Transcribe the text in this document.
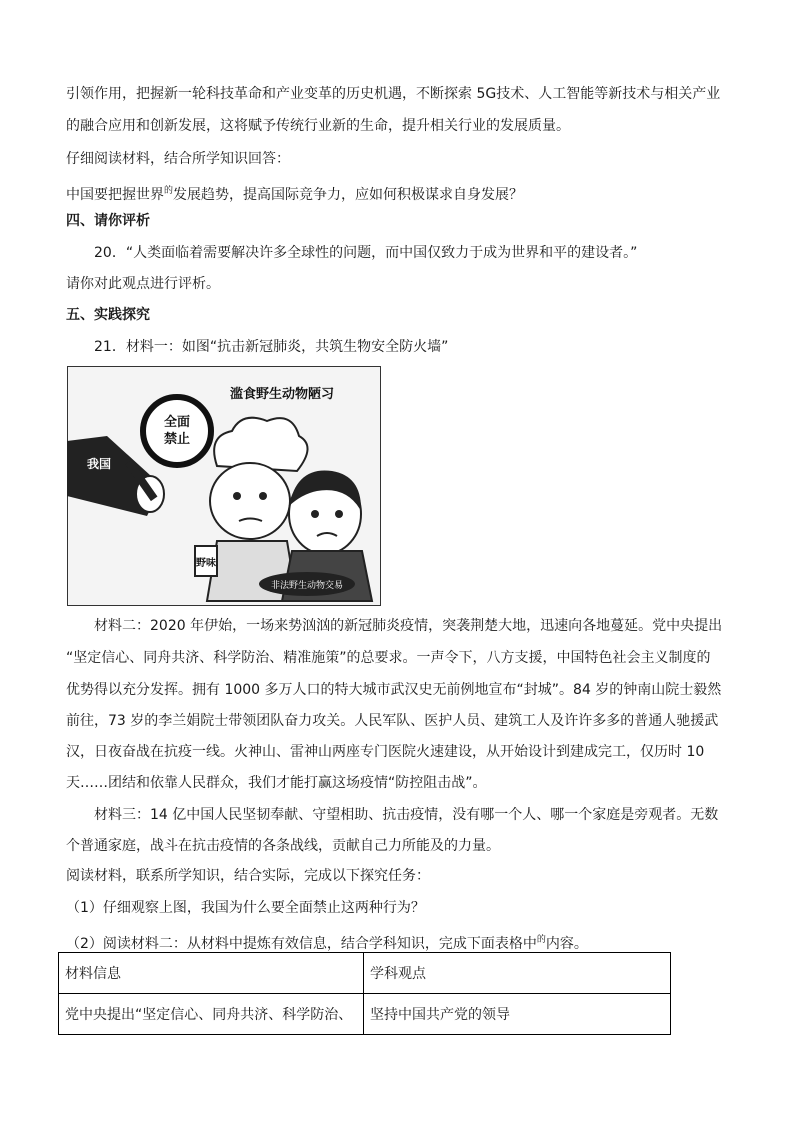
引领作用，把握新一轮科技革命和产业变革的历史机遇，不断探索 5G技术、人工智能等新技术与相关产业
的融合应用和创新发展，这将赋予传统行业新的生命，提升相关行业的发展质量。
仔细阅读材料，结合所学知识回答：
中国要把握世界$^的$发展趋势，提高国际竞争力，应如何积极谋求自身发展？
四、请你评析
20．“人类面临着需要解决许多全球性的问题，而中国仅致力于成为世界和平的建设者。”
请你对此观点进行评析。
五、实践探究
21．材料一：如图“抗击新冠肺炎，共筑生物安全防火墙”
滥食野生动物陋习
我国
全面
禁止
野味
非法野生动物交易
材料二：2020 年伊始，一场来势汹汹的新冠肺炎疫情，突袭荆楚大地，迅速向各地蔓延。党中央提出
“坚定信心、同舟共济、科学防治、精准施策”的总要求。一声令下，八方支援，中国特色社会主义制度的
优势得以充分发挥。拥有 1000 多万人口的特大城市武汉史无前例地宣布“封城”。84 岁的钟南山院士毅然
前往，73 岁的李兰娟院士带领团队奋力攻关。人民军队、医护人员、建筑工人及许许多多的普通人驰援武
汉，日夜奋战在抗疫一线。火神山、雷神山两座专门医院火速建设，从开始设计到建成完工，仅历时 10
天……团结和依靠人民群众，我们才能打赢这场疫情“防控阻击战”。
材料三：14 亿中国人民坚韧奉献、守望相助、抗击疫情，没有哪一个人、哪一个家庭是旁观者。无数
个普通家庭，战斗在抗击疫情的各条战线，贡献自己力所能及的力量。
阅读材料，联系所学知识，结合实际，完成以下探究任务：
（1）仔细观察上图，我国为什么要全面禁止这两种行为？
（2）阅读材料二：从材料中提炼有效信息，结合学科知识，完成下面表格中$^的$内容。
材料信息	学科观点
党中央提出“坚定信心、同舟共济、科学防治、	坚持中国共产党的领导
